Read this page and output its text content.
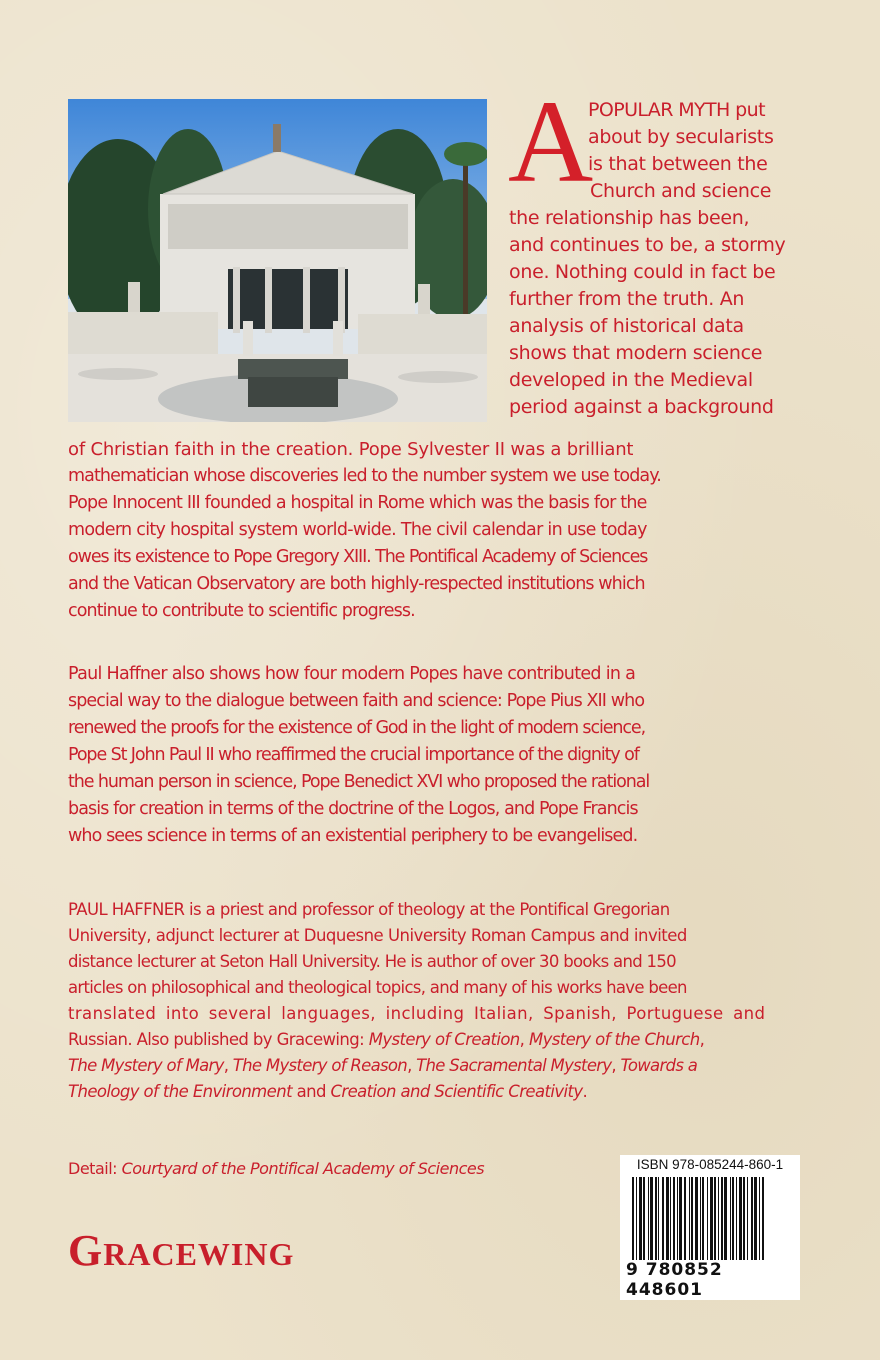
A
POPULAR MYTH put
about by secularists
is that between the
Church and science
the relationship has been,
and continues to be, a stormy
one. Nothing could in fact be
further from the truth. An
analysis of historical data
shows that modern science
developed in the Medieval
period against a background
of Christian faith in the creation. Pope Sylvester II was a brilliant
mathematician whose discoveries led to the number system we use today.
Pope Innocent III founded a hospital in Rome which was the basis for the
modern city hospital system world-wide. The civil calendar in use today
owes its existence to Pope Gregory XIII. The Pontifical Academy of Sciences
and the Vatican Observatory are both highly-respected institutions which
continue to contribute to scientific progress.
Paul Haffner also shows how four modern Popes have contributed in a
special way to the dialogue between faith and science: Pope Pius XII who
renewed the proofs for the existence of God in the light of modern science,
Pope St John Paul II who reaffirmed the crucial importance of the dignity of
the human person in science, Pope Benedict XVI who proposed the rational
basis for creation in terms of the doctrine of the Logos, and Pope Francis
who sees science in terms of an existential periphery to be evangelised.
PAUL HAFFNER is a priest and professor of theology at the Pontifical Gregorian
University, adjunct lecturer at Duquesne University Roman Campus and invited
distance lecturer at Seton Hall University. He is author of over 30 books and 150
articles on philosophical and theological topics, and many of his works have been
translated into several languages, including Italian, Spanish, Portuguese and
Russian. Also published by Gracewing: Mystery of Creation, Mystery of the Church,
The Mystery of Mary, The Mystery of Reason, The Sacramental Mystery, Towards a
Theology of the Environment and Creation and Scientific Creativity.
Detail: Courtyard of the Pontifical Academy of Sciences
GRACEWING
ISBN 978-085244-860-1
9 780852 448601
